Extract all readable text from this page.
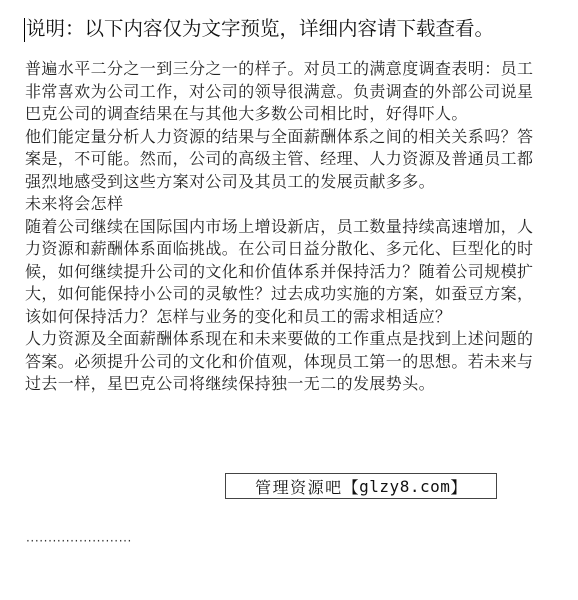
说明：以下内容仅为文字预览，详细内容请下载查看。

普遍水平二分之一到三分之一的样子。对员工的满意度调查表明：员工非常喜欢为公司工作，对公司的领导很满意。负责调查的外部公司说星巴克公司的调查结果在与其他大多数公司相比时，好得吓人。

他们能定量分析人力资源的结果与全面薪酬体系之间的相关关系吗？答案是，不可能。然而，公司的高级主管、经理、人力资源及普通员工都强烈地感受到这些方案对公司及其员工的发展贡献多多。

未来将会怎样

随着公司继续在国际国内市场上增设新店，员工数量持续高速增加，人力资源和薪酬体系面临挑战。在公司日益分散化、多元化、巨型化的时候，如何继续提升公司的文化和价值体系并保持活力？随着公司规模扩大，如何能保持小公司的灵敏性？过去成功实施的方案，如蚕豆方案，该如何保持活力？怎样与业务的变化和员工的需求相适应？

人力资源及全面薪酬体系现在和未来要做的工作重点是找到上述问题的答案。必须提升公司的文化和价值观，体现员工第一的思想。若未来与过去一样，星巴克公司将继续保持独一无二的发展势头。

························
管理资源吧 【 glzy8.com 】
